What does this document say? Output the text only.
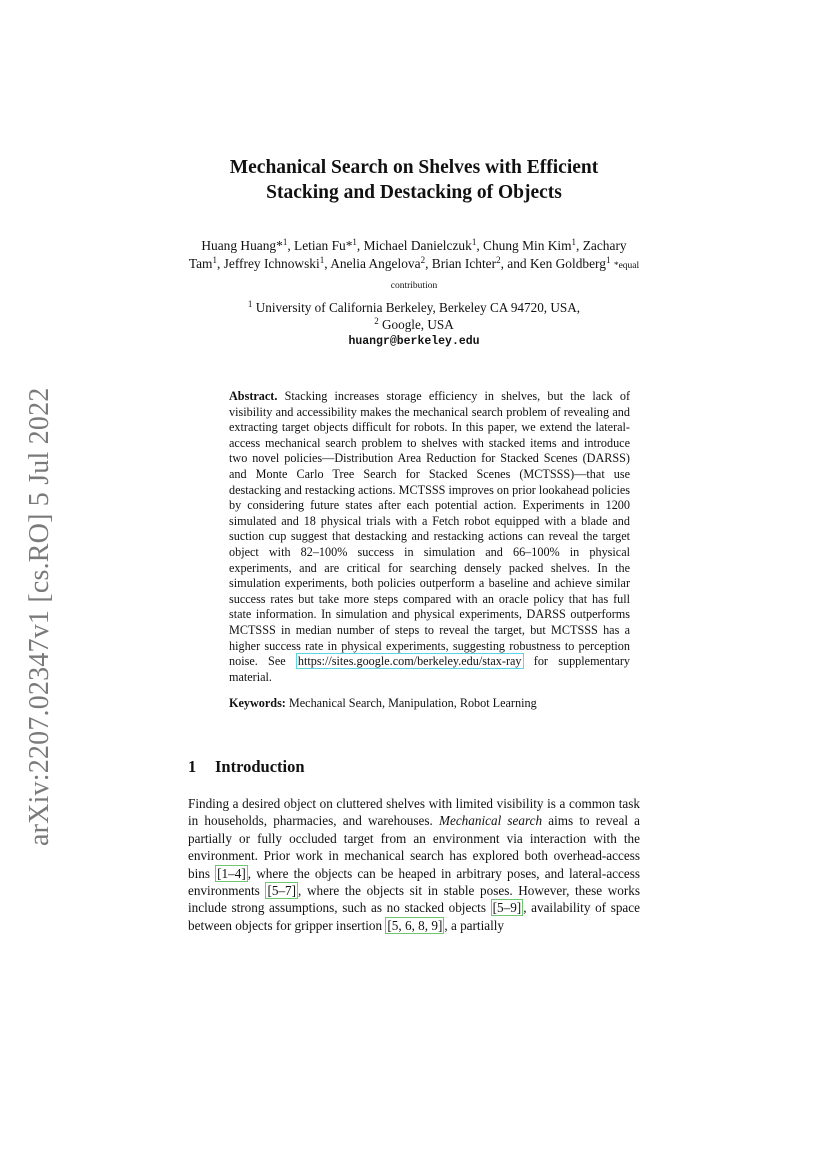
arXiv:2207.02347v1 [cs.RO] 5 Jul 2022
Mechanical Search on Shelves with Efficient
Stacking and Destacking of Objects
Huang Huang*$^1$, Letian Fu*$^1$, Michael Danielczuk$^1$, Chung Min Kim$^1$, Zachary Tam$^1$, Jeffrey Ichnowski$^1$, Anelia Angelova$^2$, Brian Ichter$^2$, and Ken Goldberg$^1$ *equal contribution
$^1$ University of California Berkeley, Berkeley CA 94720, USA,
$^2$ Google, USA
huangr@berkeley.edu

Abstract. Stacking increases storage efficiency in shelves, but the lack of visibility and accessibility makes the mechanical search problem of revealing and extracting target objects difficult for robots. In this paper, we extend the lateral-access mechanical search problem to shelves with stacked items and introduce two novel policies—Distribution Area Reduction for Stacked Scenes (DARSS) and Monte Carlo Tree Search for Stacked Scenes (MCTSSS)—that use destacking and restacking actions. MCTSSS improves on prior lookahead policies by considering future states after each potential action. Experiments in 1200 simulated and 18 physical trials with a Fetch robot equipped with a blade and suction cup suggest that destacking and restacking actions can reveal the target object with 82–100% success in simulation and 66–100% in physical experiments, and are critical for searching densely packed shelves. In the simulation experiments, both policies outperform a baseline and achieve similar success rates but take more steps compared with an oracle policy that has full state information. In simulation and physical experiments, DARSS outperforms MCTSSS in median number of steps to reveal the target, but MCTSSS has a higher success rate in physical experiments, suggesting robustness to perception noise. See https://sites.google.com/berkeley.edu/stax-ray for supplementary material.

Keywords: Mechanical Search, Manipulation, Robot Learning

1 Introduction

Finding a desired object on cluttered shelves with limited visibility is a common task in households, pharmacies, and warehouses. Mechanical search aims to reveal a partially or fully occluded target from an environment via interaction with the environment. Prior work in mechanical search has explored both overhead-access bins [1–4] , where the objects can be heaped in arbitrary poses, and lateral-access environments [5–7] , where the objects sit in stable poses. However, these works include strong assumptions, such as no stacked objects [5–9] , availability of space between objects for gripper insertion [5, 6, 8, 9] , a partially
